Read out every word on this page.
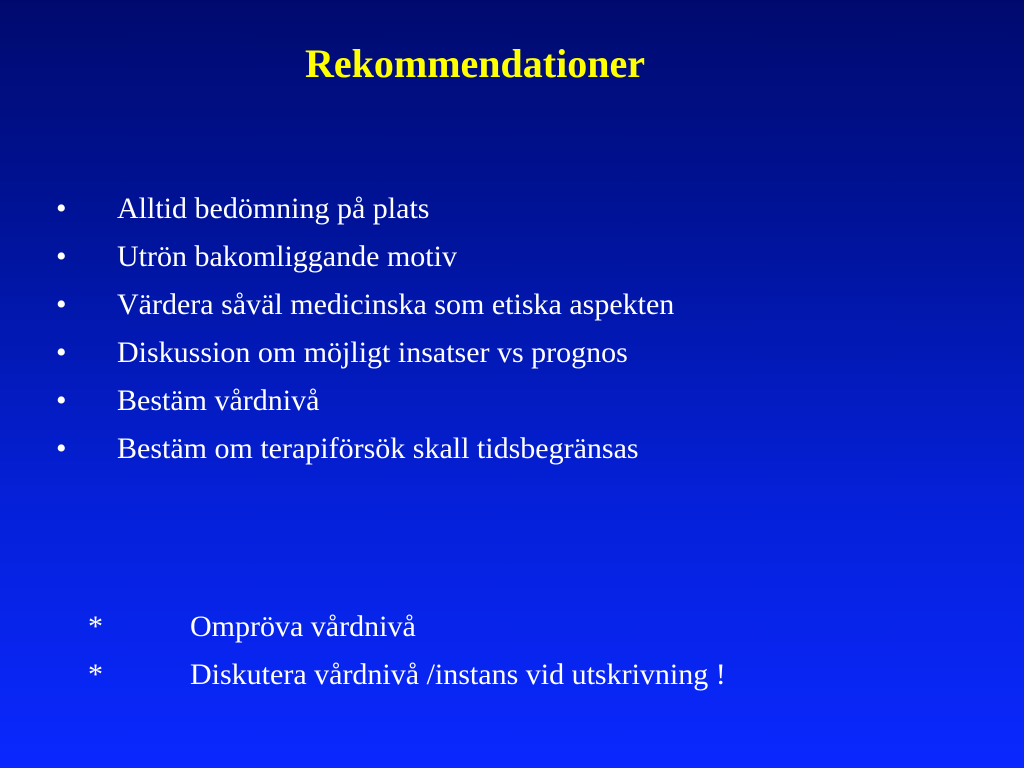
Rekommendationer
• Alltid bedömning på plats
• Utrön bakomliggande motiv
• Värdera såväl medicinska som etiska aspekten
• Diskussion om möjligt insatser vs prognos
• Bestäm vårdnivå
• Bestäm om terapiförsök skall tidsbegränsas
*	Ompröva vårdnivå
*	Diskutera vårdnivå /instans vid utskrivning !
